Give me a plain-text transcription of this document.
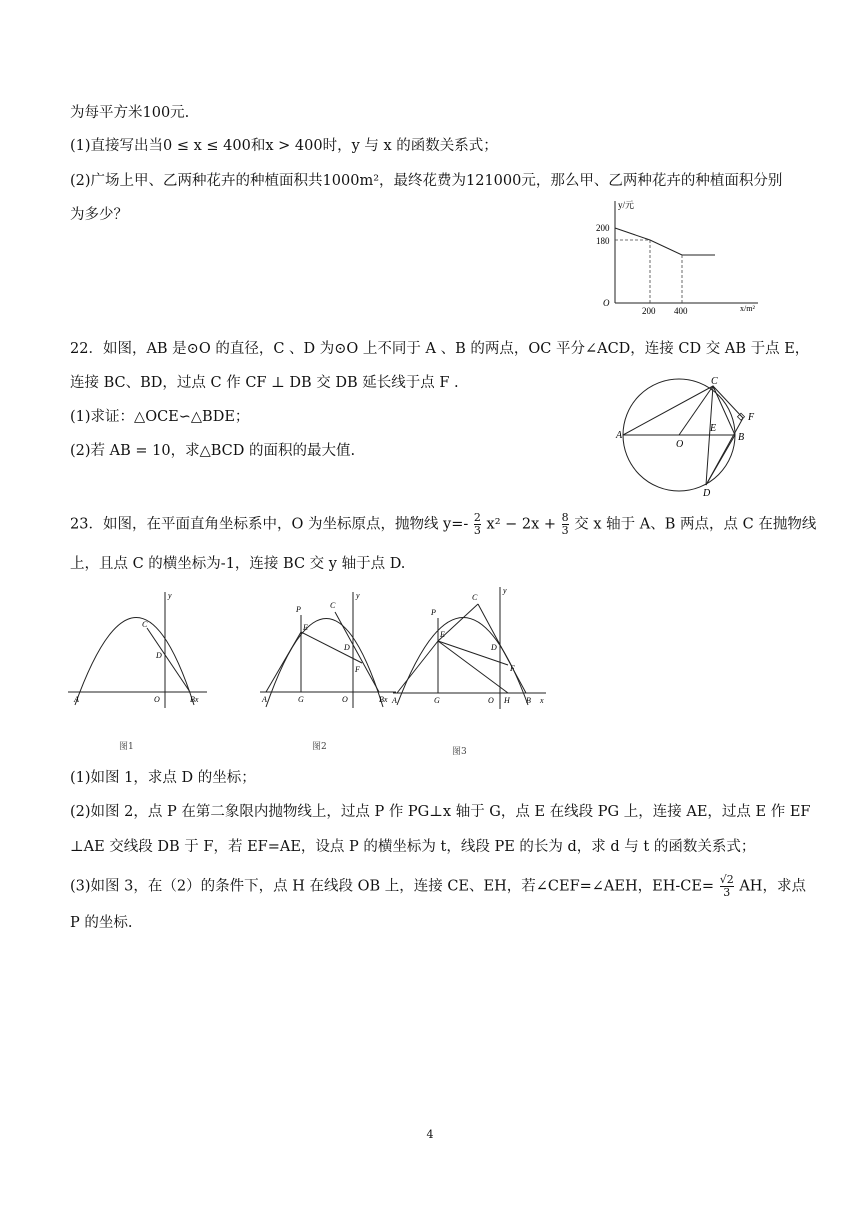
为每平方米100元.
(1)直接写出当0 ≤ x ≤ 400和x > 400时，y 与 x 的函数关系式；
(2)广场上甲、乙两种花卉的种植面积共1000m²，最终花费为121000元，那么甲、乙两种花卉的种植面积分别
为多少？
y/元
x/m²
200
180
200 400
O
22．如图，AB 是⊙O 的直径，C 、D 为⊙O 上不同于 A 、B 的两点，OC 平分∠ACD，连接 CD 交 AB 于点 E，
连接 BC、BD，过点 C 作 CF ⊥ DB 交 DB 延长线于点 F .
(1)求证：△OCE∽△BDE；
(2)若 AB = 10，求△BCD 的面积的最大值.
C
F
A
O
E
B
D
23．如图，在平面直角坐标系中，O 为坐标原点，抛物线 $y=- \frac{2}{3} x^2 - 2x + \frac{8}{3}$ 交 x 轴于 A、B 两点，点 C 在抛物线
上，且点 C 的横坐标为-1，连接 BC 交 y 轴于点 D.
C
y
D
A	O	Bx
图1
P	C
y
E
D
F
A	G	O	Bx
图2
P
C
y
E
D
F
A	G	O H B x
图3
(1)如图 1，求点 D 的坐标；
(2)如图 2，点 P 在第二象限内抛物线上，过点 P 作 PG⊥x 轴于 G，点 E 在线段 PG 上，连接 AE，过点 E 作 EF
⊥AE 交线段 DB 于 F，若 EF=AE，设点 P 的横坐标为 t，线段 PE 的长为 d，求 d 与 t 的函数关系式；
(3)如图 3，在（2）的条件下，点 H 在线段 OB 上，连接 CE、EH，若∠CEF=∠AEH，$EH-CE= \frac{√2}{3}$ AH，求点
P 的坐标.
4
